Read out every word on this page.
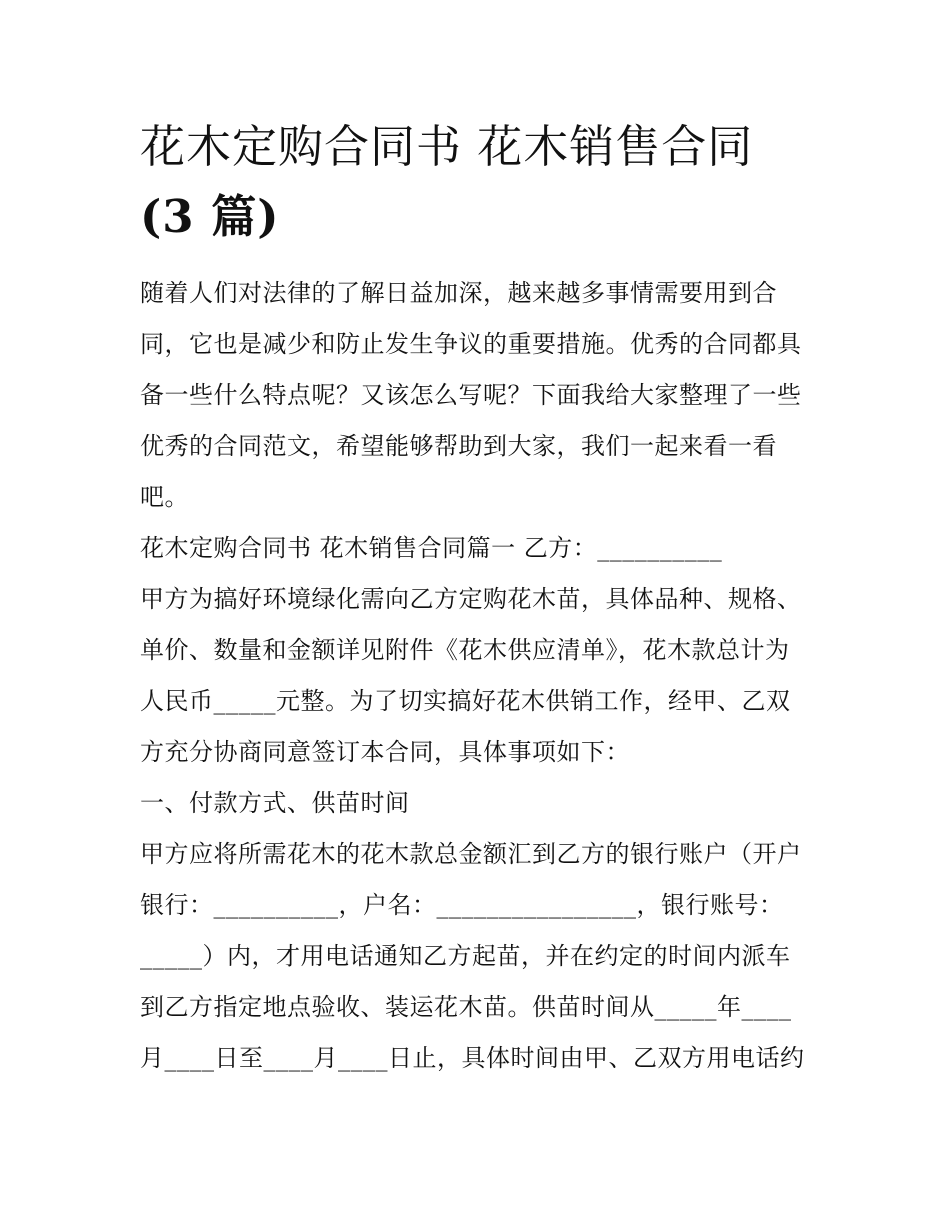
花木定购合同书 花木销售合同
(3 篇)

随着人们对法律的了解日益加深，越来越多事情需要用到合

同，它也是减少和防止发生争议的重要措施。优秀的合同都具

备一些什么特点呢？又该怎么写呢？下面我给大家整理了一些

优秀的合同范文，希望能够帮助到大家，我们一起来看一看

吧。

花木定购合同书 花木销售合同篇一 乙方：__________

甲方为搞好环境绿化需向乙方定购花木苗，具体品种、规格、

单价、数量和金额详见附件《花木供应清单》，花木款总计为

人民币_____元整。为了切实搞好花木供销工作，经甲、乙双

方充分协商同意签订本合同，具体事项如下：

一、付款方式、供苗时间

甲方应将所需花木的花木款总金额汇到乙方的银行账户（开户

银行：__________，户名：________________，银行账号：

_____）内，才用电话通知乙方起苗，并在约定的时间内派车

到乙方指定地点验收、装运花木苗。供苗时间从_____年____

月____日至____月____日止，具体时间由甲、乙双方用电话约
